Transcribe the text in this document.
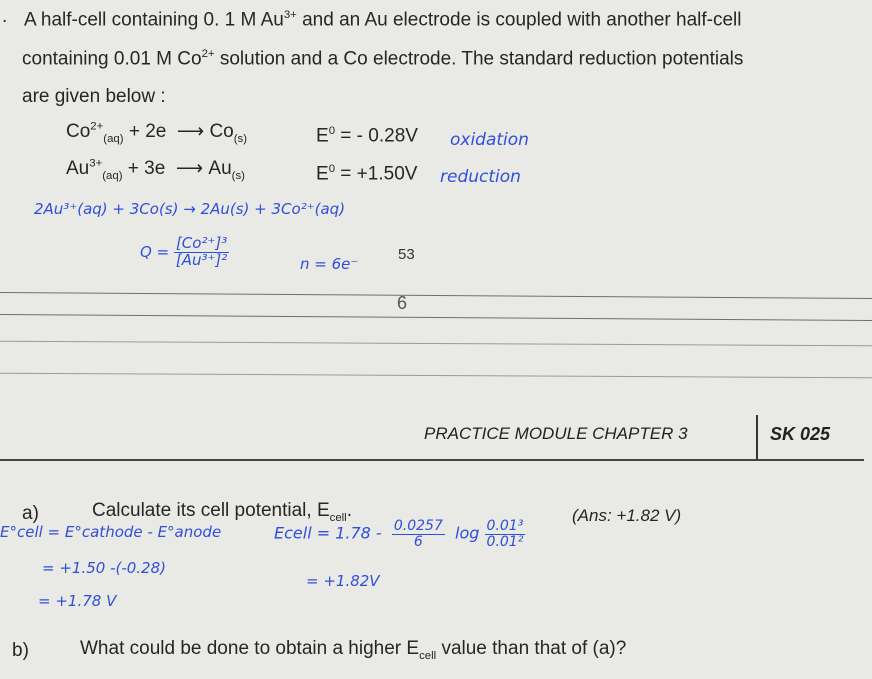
. A half-cell containing 0. 1 M $Au^{3+}$ and an Au electrode is coupled with another half-cell
containing 0.01 M $Co^{2+}$ solution and a Co electrode. The standard reduction potentials
are given below :
$Co^{2+}_{(aq)} + 2e$  ⟶ $Co_{(s)}$	$E^0$ = - 0.28V oxidation
$Au^{3+}_{(aq)} + 3e$  ⟶ $Au_{(s)}$	$E^0 = +1.50V$ reduction
2Au³⁺(aq) + 3Co(s) → 2Au(s) + 3Co²⁺(aq)
$Q = \frac{\text{[Co²⁺]³}}{\text{[Au³⁺]²}}$	n = 6e⁻
53
6
PRACTICE MODULE CHAPTER 3	SK 025
a)	Calculate its cell potential, $E_{cell}$.	(Ans: +1.82 V)
E°cell = E°cathode - E°anode
= +1.50 -(-0.28)
= +1.78 V
Ecell = $1.78 - \frac{0.0257}{6}$ $\log \frac{\text{0.01³}}{\text{0.01²}}$
= +1.82V
b)	What could be done to obtain a higher $E_{cell}$ value than that of (a)?
